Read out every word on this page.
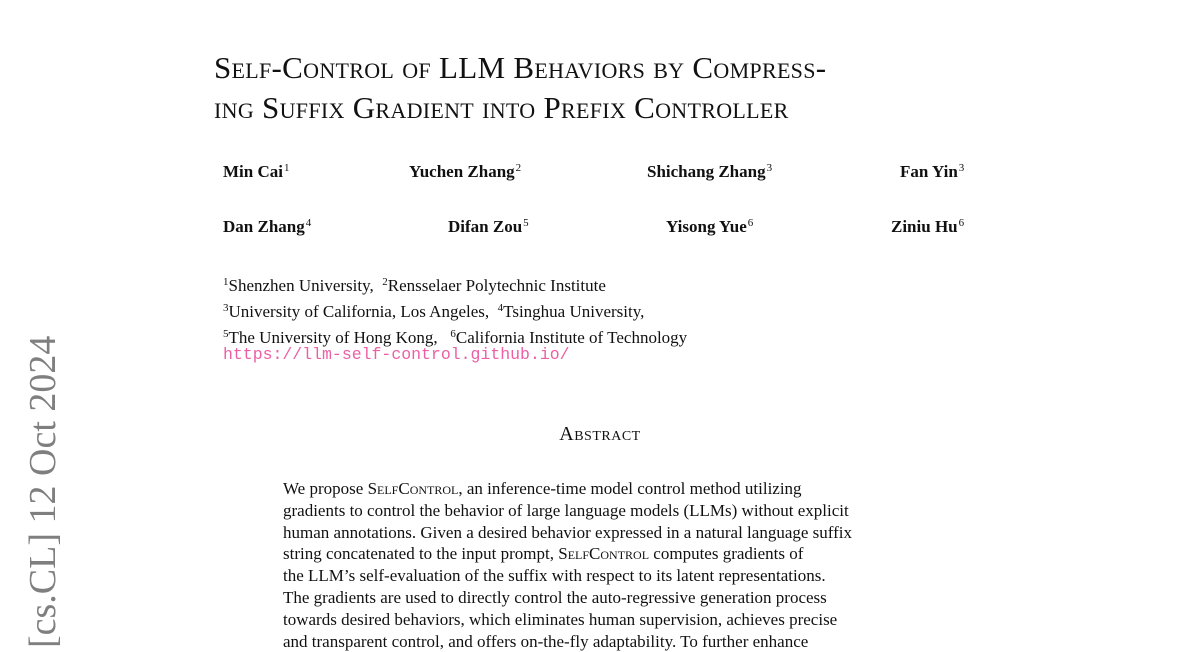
[cs.CL] 12 Oct 2024
Self-Control of LLM Behaviors by Compress-
ing Suffix Gradient into Prefix Controller
Min Cai$^1$	Yuchen Zhang$^2$	Shichang Zhang$^3$	Fan Yin$^3$
Dan Zhang$^4$	Difan Zou$^5$	Yisong Yue$^6$	Ziniu Hu$^6$
$^1$Shenzhen University, $^2$Rensselaer Polytechnic Institute
$^3$University of California, Los Angeles, $^4$Tsinghua University,
$^5$The University of Hong Kong, $^6$California Institute of Technology
https://llm-self-control.github.io/
Abstract
We propose SelfControl, an inference-time model control method utilizing
gradients to control the behavior of large language models (LLMs) without explicit
human annotations. Given a desired behavior expressed in a natural language suffix
string concatenated to the input prompt, SelfControl computes gradients of
the LLM’s self-evaluation of the suffix with respect to its latent representations.
The gradients are used to directly control the auto-regressive generation process
towards desired behaviors, which eliminates human supervision, achieves precise
and transparent control, and offers on-the-fly adaptability. To further enhance
